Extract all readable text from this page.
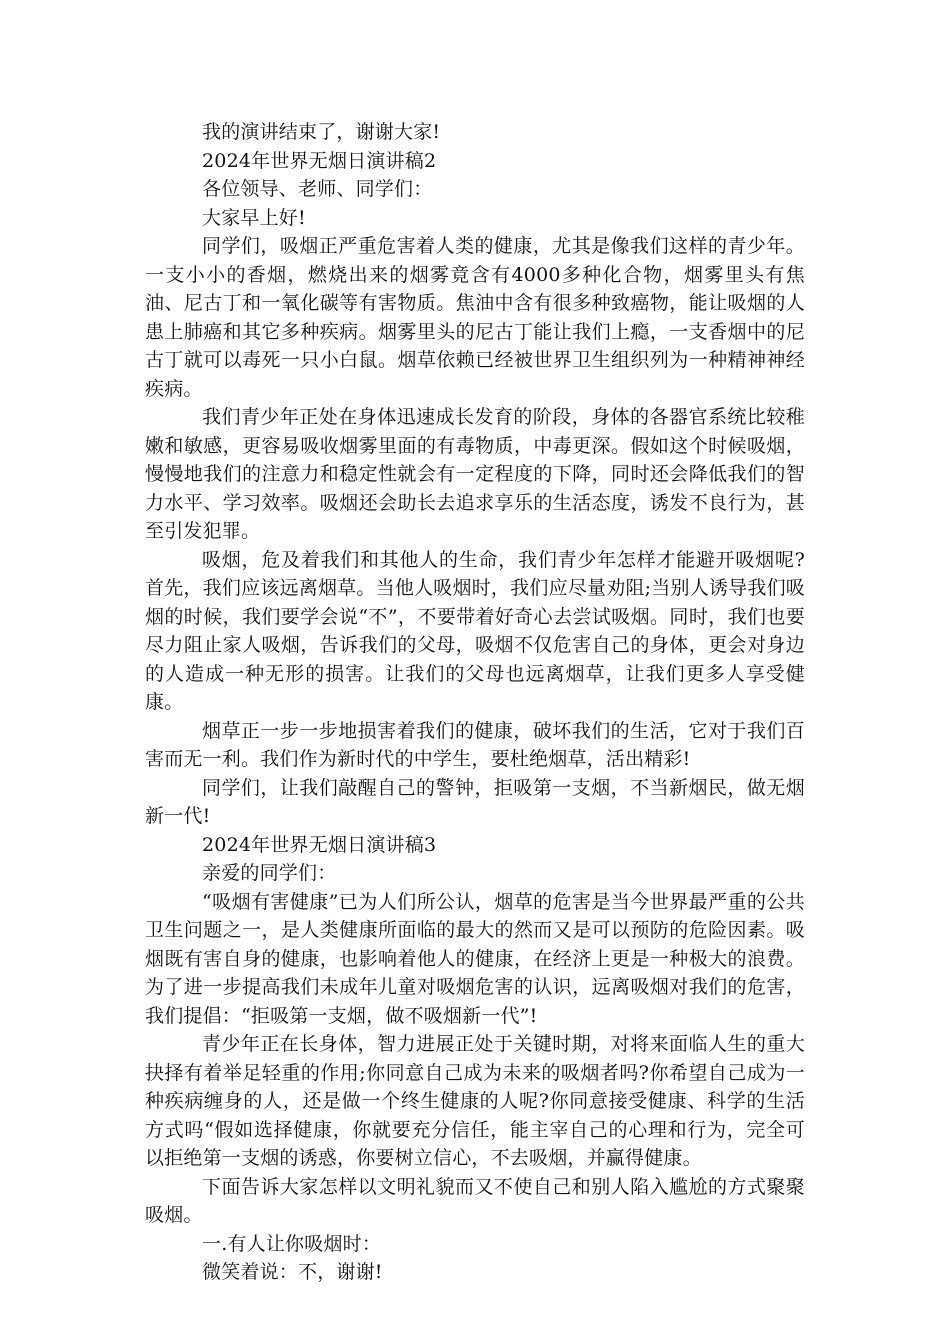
我的演讲结束了，谢谢大家!

2024年世界无烟日演讲稿2

各位领导、老师、同学们：

大家早上好!

同学们，吸烟正严重危害着人类的健康，尤其是像我们这样的青少年。一支小小的香烟，燃烧出来的烟雾竟含有4000多种化合物，烟雾里头有焦油、尼古丁和一氧化碳等有害物质。焦油中含有很多种致癌物，能让吸烟的人患上肺癌和其它多种疾病。烟雾里头的尼古丁能让我们上瘾，一支香烟中的尼古丁就可以毒死一只小白鼠。烟草依赖已经被世界卫生组织列为一种精神神经疾病。

我们青少年正处在身体迅速成长发育的阶段，身体的各器官系统比较稚嫩和敏感，更容易吸收烟雾里面的有毒物质，中毒更深。假如这个时候吸烟，慢慢地我们的注意力和稳定性就会有一定程度的下降，同时还会降低我们的智力水平、学习效率。吸烟还会助长去追求享乐的生活态度，诱发不良行为，甚至引发犯罪。

吸烟，危及着我们和其他人的生命，我们青少年怎样才能避开吸烟呢?首先，我们应该远离烟草。当他人吸烟时，我们应尽量劝阻;当别人诱导我们吸烟的时候，我们要学会说“不”，不要带着好奇心去尝试吸烟。同时，我们也要尽力阻止家人吸烟，告诉我们的父母，吸烟不仅危害自己的身体，更会对身边的人造成一种无形的损害。让我们的父母也远离烟草，让我们更多人享受健康。

烟草正一步一步地损害着我们的健康，破坏我们的生活，它对于我们百害而无一利。我们作为新时代的中学生，要杜绝烟草，活出精彩!

同学们，让我们敲醒自己的警钟，拒吸第一支烟，不当新烟民，做无烟新一代!

2024年世界无烟日演讲稿3

亲爱的同学们：

“吸烟有害健康”已为人们所公认，烟草的危害是当今世界最严重的公共卫生问题之一，是人类健康所面临的最大的然而又是可以预防的危险因素。吸烟既有害自身的健康，也影响着他人的健康，在经济上更是一种极大的浪费。为了进一步提高我们未成年儿童对吸烟危害的认识，远离吸烟对我们的危害，我们提倡：“拒吸第一支烟，做不吸烟新一代”!

青少年正在长身体，智力进展正处于关键时期，对将来面临人生的重大抉择有着举足轻重的作用;你同意自己成为未来的吸烟者吗?你希望自己成为一种疾病缠身的人，还是做一个终生健康的人呢?你同意接受健康、科学的生活方式吗“假如选择健康，你就要充分信任，能主宰自己的心理和行为，完全可以拒绝第一支烟的诱惑，你要树立信心，不去吸烟，并赢得健康。

下面告诉大家怎样以文明礼貌而又不使自己和别人陷入尴尬的方式聚聚吸烟。

一.有人让你吸烟时：

微笑着说：不，谢谢!
